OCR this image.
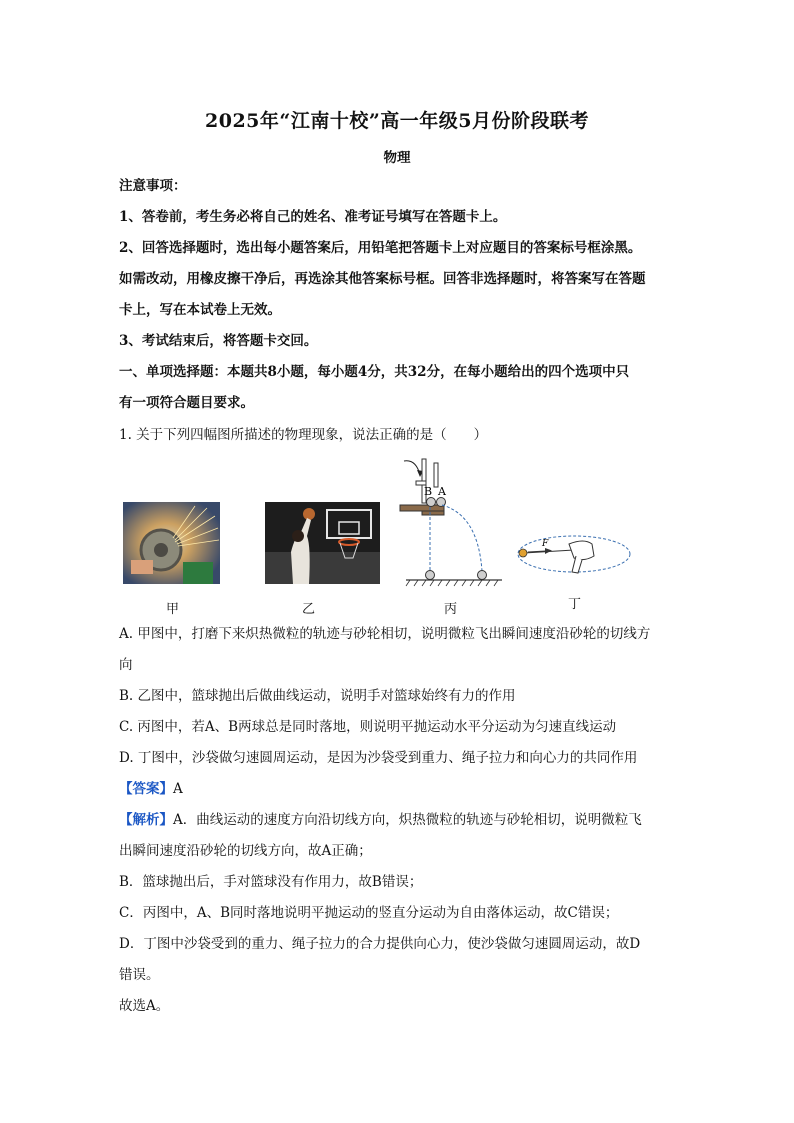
2025年“江南十校”高一年级5月份阶段联考
物理
注意事项：
1、答卷前，考生务必将自己的姓名、准考证号填写在答题卡上。
2、回答选择题时，选出每小题答案后，用铅笔把答题卡上对应题目的答案标号框涂黑。
如需改动，用橡皮擦干净后，再选涂其他答案标号框。回答非选择题时，将答案写在答题
卡上，写在本试卷上无效。
3、考试结束后，将答题卡交回。
一、单项选择题：本题共8小题，每小题4分，共32分，在每小题给出的四个选项中只
有一项符合题目要求。
1. 关于下列四幅图所描述的物理现象，说法正确的是（　　）
B A
F
甲	乙	丙	丁
A. 甲图中，打磨下来炽热微粒的轨迹与砂轮相切，说明微粒飞出瞬间速度沿砂轮的切线方
向
B. 乙图中，篮球抛出后做曲线运动，说明手对篮球始终有力的作用
C. 丙图中，若A、B两球总是同时落地，则说明平抛运动水平分运动为匀速直线运动
D. 丁图中，沙袋做匀速圆周运动，是因为沙袋受到重力、绳子拉力和向心力的共同作用
【答案】A
【解析】A．曲线运动的速度方向沿切线方向，炽热微粒的轨迹与砂轮相切，说明微粒飞
出瞬间速度沿砂轮的切线方向，故A正确；
B．篮球抛出后，手对篮球没有作用力，故B错误；
C．丙图中，A、B同时落地说明平抛运动的竖直分运动为自由落体运动，故C错误；
D．丁图中沙袋受到的重力、绳子拉力的合力提供向心力，使沙袋做匀速圆周运动，故D
错误。
故选A。
